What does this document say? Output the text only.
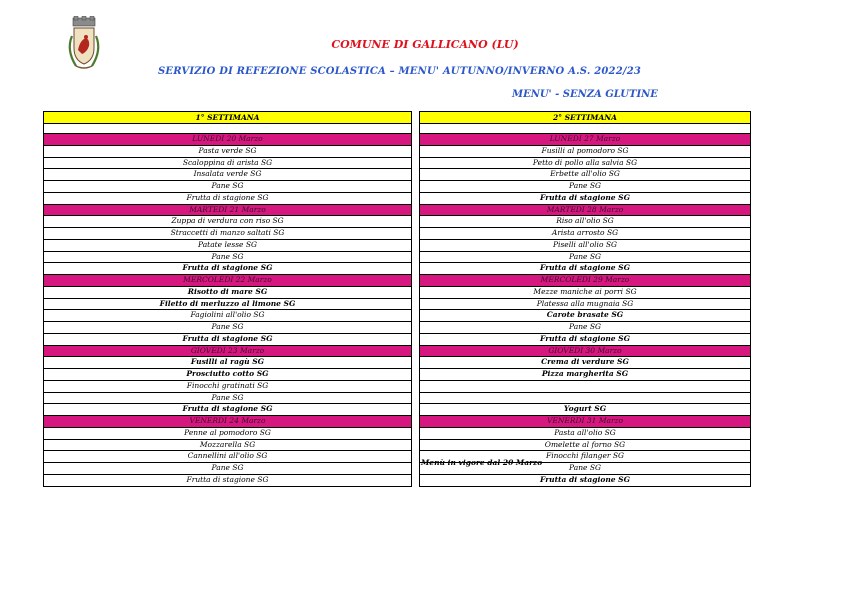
COMUNE DI GALLICANO (LU)
SERVIZIO DI REFEZIONE SCOLASTICA – MENU' AUTUNNO/INVERNO A.S. 2022/23
MENU' - SENZA GLUTINE
1° SETTIMANA
LUNEDI 20 Marzo
Pasta verde SG
Scaloppina di arista SG
Insalata verde SG
Pane SG
Frutta di stagione SG
MARTEDI 21 Marzo
Zuppa di verdura con riso SG
Straccetti di manzo saltati SG
Patate lesse SG
Pane SG
Frutta di stagione SG
MERCOLEDI 22 Marzo
Risotto di mare SG
Filetto di merluzzo al limone SG
Fagiolini all'olio SG
Pane SG
Frutta di stagione SG
GIOVEDI 23 Marzo
Fusilli al ragù SG
Prosciutto cotto SG
Finocchi gratinati SG
Pane SG
Frutta di stagione SG
VENERDI 24 Marzo
Penne al pomodoro SG
Mozzarella SG
Cannellini all'olio SG
Pane SG
Frutta di stagione SG
2° SETTIMANA
LUNEDI 27 Marzo
Fusilli al pomodoro SG
Petto di pollo alla salvia SG
Erbette all'olio SG
Pane SG
Frutta di stagione SG
MARTEDI 28 Marzo
Riso all'olio SG
Arista arrosto SG
Piselli all'olio SG
Pane SG
Frutta di stagione SG
MERCOLEDI 29 Marzo
Mezze maniche ai porri SG
Platessa alla mugnaia SG
Carote brasate SG
Pane SG
Frutta di stagione SG
GIOVEDI 30 Marzo
Crema di verdure SG
Pizza margherita SG
Yogurt SG
VENERDI 31 Marzo
Pasta all'olio SG
Omelette al forno SG
Finocchi filanger SG
Pane SG
Frutta di stagione SG
Menù in vigore dal 20 Marzo
